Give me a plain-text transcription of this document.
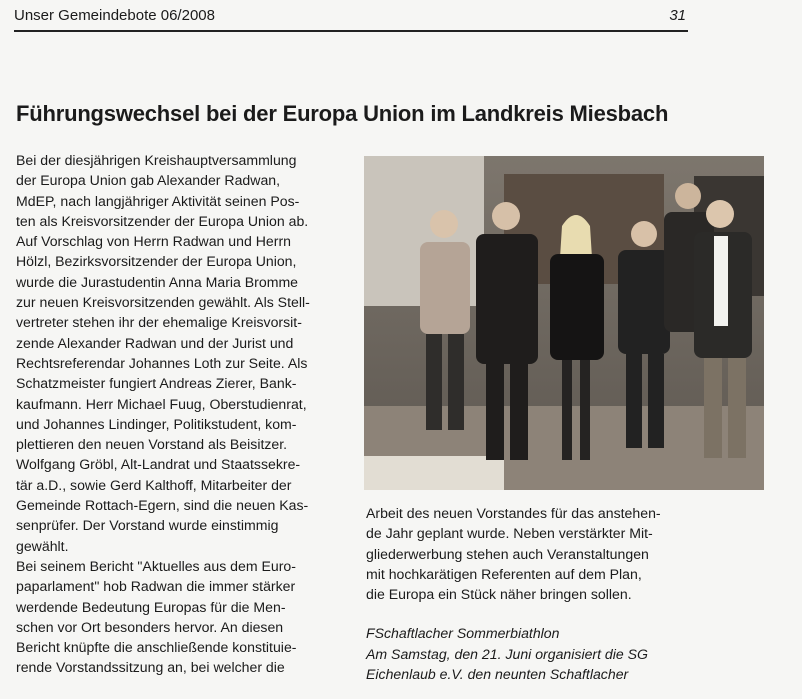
Unser Gemeindebote 06/2008	31
Führungswechsel bei der Europa Union im Landkreis Miesbach

Bei der diesjährigen Kreishauptversammlung
der Europa Union gab Alexander Radwan,
MdEP, nach langjähriger Aktivität seinen Pos-
ten als Kreisvorsitzender der Europa Union ab.
Auf Vorschlag von Herrn Radwan und Herrn
Hölzl, Bezirksvorsitzender der Europa Union,
wurde die Jurastudentin Anna Maria Bromme
zur neuen Kreisvorsitzenden gewählt. Als Stell-
vertreter stehen ihr der ehemalige Kreisvorsit-
zende Alexander Radwan und der Jurist und
Rechtsreferendar Johannes Loth zur Seite. Als
Schatzmeister fungiert Andreas Zierer, Bank-
kaufmann. Herr Michael Fuug, Oberstudienrat,
und Johannes Lindinger, Politikstudent, kom-
plettieren den neuen Vorstand als Beisitzer.
Wolfgang Gröbl, Alt-Landrat und Staatssekre-
tär a.D., sowie Gerd Kalthoff, Mitarbeiter der
Gemeinde Rottach-Egern, sind die neuen Kas-
senprüfer. Der Vorstand wurde einstimmig
gewählt.
Bei seinem Bericht "Aktuelles aus dem Euro-
paparlament" hob Radwan die immer stärker
werdende Bedeutung Europas für die Men-
schen vor Ort besonders hervor. An diesen
Bericht knüpfte die anschließende konstituie-
rende Vorstandssitzung an, bei welcher die

Arbeit des neuen Vorstandes für das anstehen-
de Jahr geplant wurde. Neben verstärkter Mit-
gliederwerbung stehen auch Veranstaltungen
mit hochkarätigen Referenten auf dem Plan,
die Europa ein Stück näher bringen sollen.
FSchaftlacher Sommerbiathlon
Am Samstag, den 21. Juni organisiert die SG
Eichenlaub e.V. den neunten Schaftlacher
